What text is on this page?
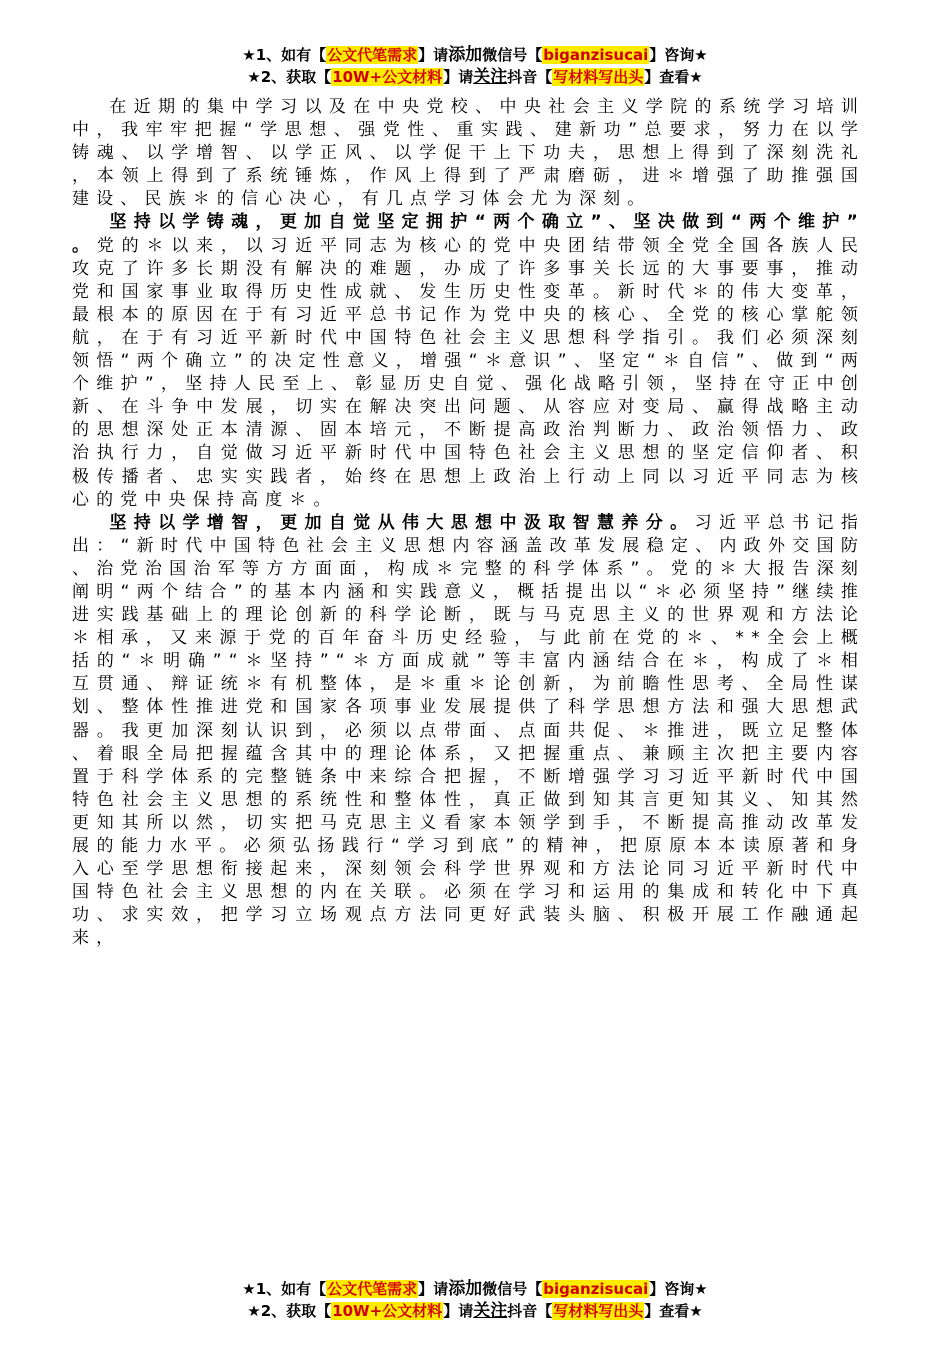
★1、如有【公文代笔需求】请添加微信号【biganzisucai】咨询★
★2、获取【10W+公文材料】请关注抖音【写材料写出头】查看★

在近期的集中学习以及在中央党校、中央社会主义学院的系统学习培训中，我牢牢把握“学思想、强党性、重实践、建新功”总要求，努力在以学铸魂、以学增智、以学正风、以学促干上下功夫，思想上得到了深刻洗礼，本领上得到了系统锤炼，作风上得到了严肃磨砺，进＊增强了助推强国建设、民族＊的信心决心，有几点学习体会尤为深刻。

坚持以学铸魂，更加自觉坚定拥护“两个确立”、坚决做到“两个维护”。党的＊以来，以习近平同志为核心的党中央团结带领全党全国各族人民攻克了许多长期没有解决的难题，办成了许多事关长远的大事要事，推动党和国家事业取得历史性成就、发生历史性变革。新时代＊的伟大变革，最根本的原因在于有习近平总书记作为党中央的核心、全党的核心掌舵领航，在于有习近平新时代中国特色社会主义思想科学指引。我们必须深刻领悟“两个确立”的决定性意义，增强“＊意识”、坚定“＊自信”、做到“两个维护”，坚持人民至上、彰显历史自觉、强化战略引领，坚持在守正中创新、在斗争中发展，切实在解决突出问题、从容应对变局、赢得战略主动的思想深处正本清源、固本培元，不断提高政治判断力、政治领悟力、政治执行力，自觉做习近平新时代中国特色社会主义思想的坚定信仰者、积极传播者、忠实实践者，始终在思想上政治上行动上同以习近平同志为核心的党中央保持高度＊。

坚持以学增智，更加自觉从伟大思想中汲取智慧养分。习近平总书记指出：“新时代中国特色社会主义思想内容涵盖改革发展稳定、内政外交国防、治党治国治军等方方面面，构成＊完整的科学体系”。党的＊大报告深刻阐明“两个结合”的基本内涵和实践意义，概括提出以“＊必须坚持”继续推进实践基础上的理论创新的科学论断，既与马克思主义的世界观和方法论＊相承，又来源于党的百年奋斗历史经验，与此前在党的＊、**全会上概括的“＊明确”“＊坚持”“＊方面成就”等丰富内涵结合在＊，构成了＊相互贯通、辩证统＊有机整体，是＊重＊论创新，为前瞻性思考、全局性谋划、整体性推进党和国家各项事业发展提供了科学思想方法和强大思想武器。我更加深刻认识到，必须以点带面、点面共促、＊推进，既立足整体、着眼全局把握蕴含其中的理论体系，又把握重点、兼顾主次把主要内容置于科学体系的完整链条中来综合把握，不断增强学习习近平新时代中国特色社会主义思想的系统性和整体性，真正做到知其言更知其义、知其然更知其所以然，切实把马克思主义看家本领学到手，不断提高推动改革发展的能力水平。必须弘扬践行“学习到底”的精神，把原原本本读原著和身入心至学思想衔接起来，深刻领会科学世界观和方法论同习近平新时代中国特色社会主义思想的内在关联。必须在学习和运用的集成和转化中下真功、求实效，把学习立场观点方法同更好武装头脑、积极开展工作融通起来，

★1、如有【公文代笔需求】请添加微信号【biganzisucai】咨询★
★2、获取【10W+公文材料】请关注抖音【写材料写出头】查看★
